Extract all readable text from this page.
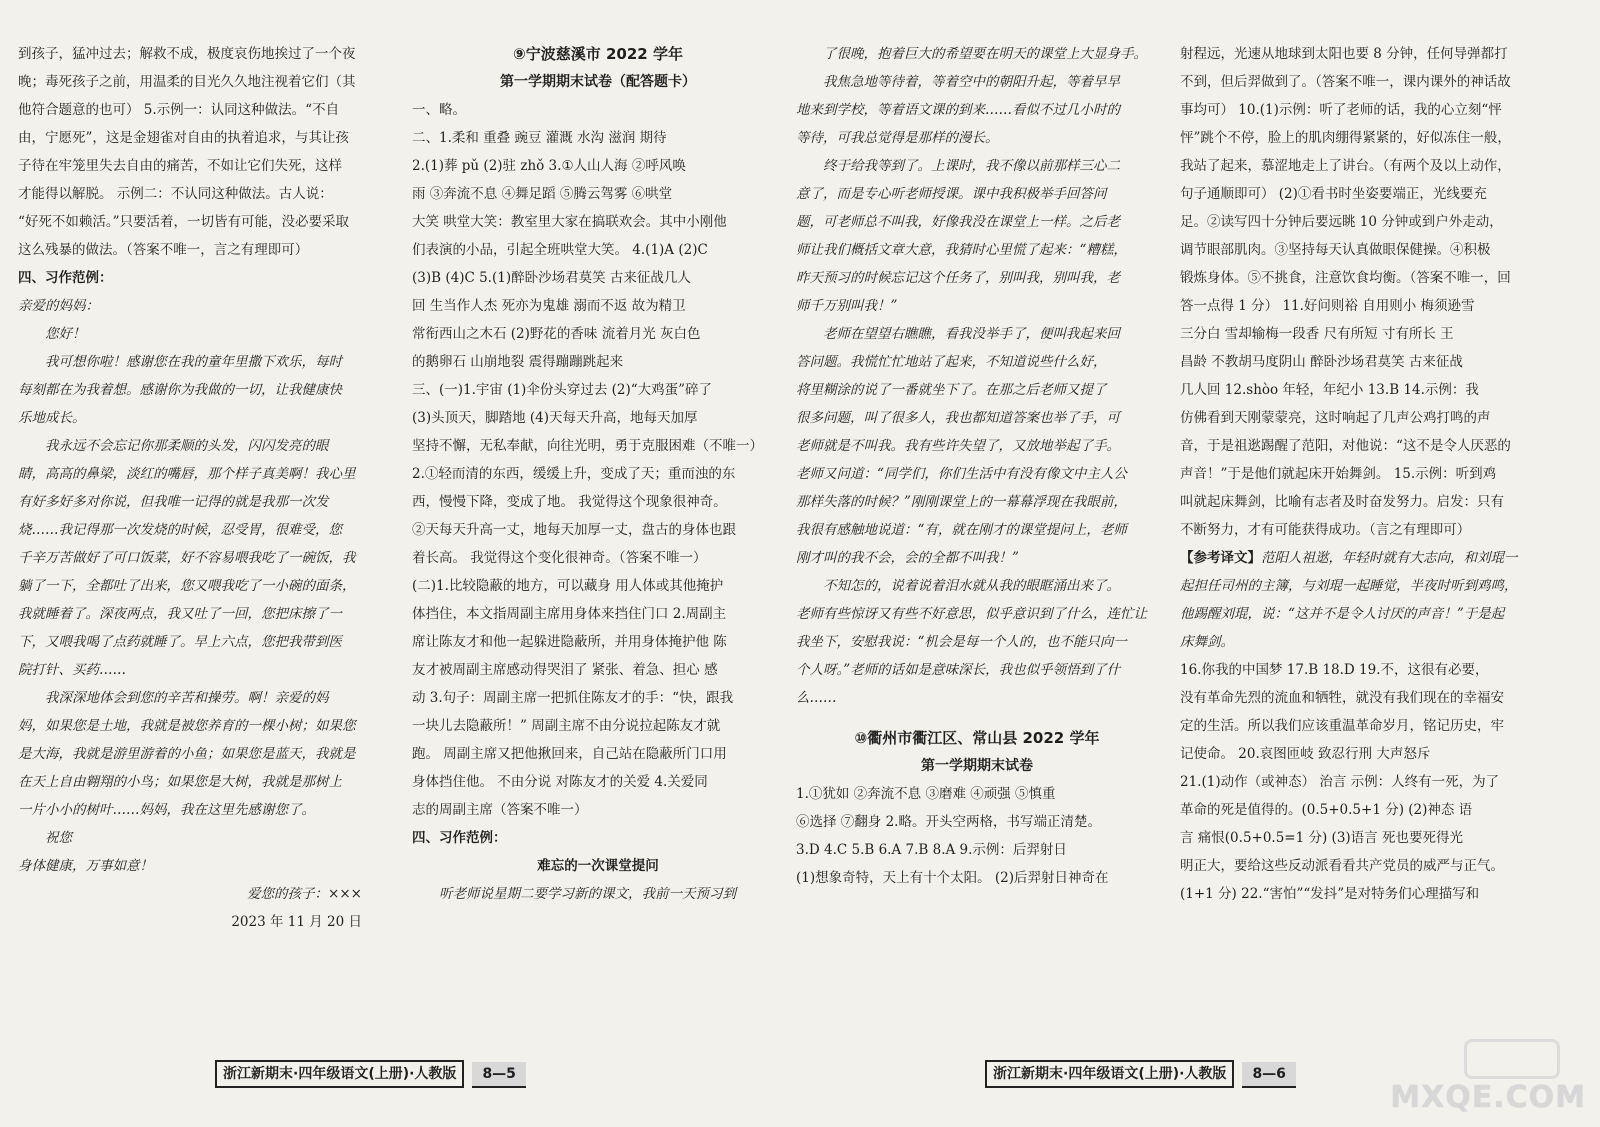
到孩子，猛冲过去；解救不成，极度哀伤地挨过了一个夜

晚；毒死孩子之前，用温柔的目光久久地注视着它们（其

他符合题意的也可） 5.示例一：认同这种做法。“不自

由，宁愿死”，这是金翅雀对自由的执着追求，与其让孩

子待在牢笼里失去自由的痛苦，不如让它们失死，这样

才能得以解脱。 示例二：不认同这种做法。古人说：

“好死不如赖活。”只要活着，一切皆有可能，没必要采取

这么残暴的做法。（答案不唯一，言之有理即可）

四、习作范例：

亲爱的妈妈：

您好！

我可想你啦！感谢您在我的童年里撒下欢乐，每时

每刻都在为我着想。感谢你为我做的一切，让我健康快

乐地成长。

我永远不会忘记你那柔顺的头发，闪闪发亮的眼

睛，高高的鼻梁，淡红的嘴唇，那个样子真美啊！我心里

有好多好多对你说，但我唯一记得的就是我那一次发

烧……我记得那一次发烧的时候，忍受胃，很难受，您

千辛万苦做好了可口饭菜，好不容易喂我吃了一碗饭，我

躺了一下，全都吐了出来，您又喂我吃了一小碗的面条，

我就睡着了。深夜两点，我又吐了一回，您把床擦了一

下，又喂我喝了点药就睡了。早上六点，您把我带到医

院打针、买药……

我深深地体会到您的辛苦和操劳。啊！亲爱的妈

妈，如果您是土地，我就是被您养育的一棵小树；如果您

是大海，我就是游里游着的小鱼；如果您是蓝天，我就是

在天上自由翱翔的小鸟；如果您是大树，我就是那树上

一片小小的树叶……妈妈，我在这里先感谢您了。

祝您

身体健康，万事如意！

爱您的孩子：×××

2023 年 11 月 20 日

⑨宁波慈溪市 2022 学年

第一学期期末试卷（配答题卡）

一、略。

二、1.柔和 重叠 豌豆 灌溉 水沟 滋润 期待

2.(1)葬 pǔ (2)驻 zhǒ 3.①人山人海 ②呼风唤

雨 ③奔流不息 ④舞足蹈 ⑤腾云驾雾 ⑥哄堂

大笑 哄堂大笑：教室里大家在搞联欢会。其中小刚他

们表演的小品，引起全班哄堂大笑。 4.(1)A (2)C

(3)B (4)C 5.(1)醉卧沙场君莫笑 古来征战几人

回 生当作人杰 死亦为鬼雄 溺而不返 故为精卫

常衔西山之木石 (2)野花的香味 流着月光 灰白色

的鹅卵石 山崩地裂 震得蹦蹦跳起来

三、(一)1.宇宙 (1)伞份头穿过去 (2)“大鸡蛋”碎了

(3)头顶天，脚踏地 (4)天每天升高，地每天加厚

坚持不懈，无私奉献，向往光明，勇于克服困难（不唯一）

2.①轻而清的东西，缓缓上升，变成了天；重而浊的东

西，慢慢下降，变成了地。 我觉得这个现象很神奇。

②天每天升高一丈，地每天加厚一丈，盘古的身体也跟

着长高。 我觉得这个变化很神奇。（答案不唯一）

(二)1.比较隐蔽的地方，可以藏身 用人体或其他掩护

体挡住，本文指周副主席用身体来挡住门口 2.周副主

席让陈友才和他一起躲进隐蔽所，并用身体掩护他 陈

友才被周副主席感动得哭泪了 紧张、着急、担心 感

动 3.句子：周副主席一把抓住陈友才的手：“快，跟我

一块儿去隐蔽所！” 周副主席不由分说拉起陈友才就

跑。 周副主席又把他揪回来，自己站在隐蔽所门口用

身体挡住他。 不由分说 对陈友才的关爱 4.关爱同

志的周副主席（答案不唯一）

四、习作范例：

难忘的一次课堂提问

听老师说星期二要学习新的课文，我前一天预习到

了很晚，抱着巨大的希望要在明天的课堂上大显身手。

我焦急地等待着，等着空中的朝阳升起，等着早早

地来到学校，等着语文课的到来……看似不过几小时的

等待，可我总觉得是那样的漫长。

终于给我等到了。上课时，我不像以前那样三心二

意了，而是专心听老师授课。课中我积极举手回答问

题，可老师总不叫我，好像我没在课堂上一样。之后老

师让我们概括文章大意，我猜时心里慌了起来：“糟糕，

昨天预习的时候忘记这个任务了，别叫我，别叫我，老

师千万别叫我！”

老师在望望右瞧瞧，看我没举手了，便叫我起来回

答问题。我慌忙忙地站了起来，不知道说些什么好，

将里糊涂的说了一番就坐下了。在那之后老师又提了

很多问题，叫了很多人，我也都知道答案也举了手，可

老师就是不叫我。我有些许失望了，又放地举起了手。

老师又问道：“同学们，你们生活中有没有像文中主人公

那样失落的时候？”刚刚课堂上的一幕幕浮现在我眼前，

我很有感触地说道：“有，就在刚才的课堂提问上，老师

刚才叫的我不会，会的全都不叫我！”

不知怎的，说着说着泪水就从我的眼眶涌出来了。

老师有些惊讶又有些不好意思，似乎意识到了什么，连忙让

我坐下，安慰我说：“机会是每一个人的，也不能只向一

个人呀。”老师的话如是意味深长，我也似乎领悟到了什

么……

⑩衢州市衢江区、常山县 2022 学年

第一学期期末试卷

1.①犹如 ②奔流不息 ③磨难 ④顽强 ⑤慎重

⑥选择 ⑦翻身 2.略。开头空两格，书写端正清楚。

3.D 4.C 5.B 6.A 7.B 8.A 9.示例：后羿射日

(1)想象奇特，天上有十个太阳。 (2)后羿射日神奇在

射程远，光速从地球到太阳也要 8 分钟，任何导弹都打

不到，但后羿做到了。（答案不唯一，课内课外的神话故

事均可） 10.(1)示例：听了老师的话，我的心立刻“怦

怦”跳个不停，脸上的肌肉绷得紧紧的，好似冻住一般，

我站了起来，慕涩地走上了讲台。（有两个及以上动作，

句子通顺即可） (2)①看书时坐姿要端正，光线要充

足。②读写四十分钟后要远眺 10 分钟或到户外走动，

调节眼部肌肉。③坚持每天认真做眼保健操。④积极

锻炼身体。⑤不挑食，注意饮食均衡。（答案不唯一，回

答一点得 1 分） 11.好问则裕 自用则小 梅须逊雪

三分白 雪却输梅一段香 尺有所短 寸有所长 王

昌龄 不教胡马度阴山 醉卧沙场君莫笑 古来征战

几人回 12.shòo 年轻，年纪小 13.B 14.示例：我

仿佛看到天刚蒙蒙亮，这时响起了几声公鸡打鸣的声

音，于是祖逖踢醒了范阳，对他说：“这不是令人厌恶的

声音！”于是他们就起床开始舞剑。 15.示例：听到鸡

叫就起床舞剑，比喻有志者及时奋发努力。启发：只有

不断努力，才有可能获得成功。（言之有理即可）

【参考译文】范阳人祖逖，年轻时就有大志向，和刘琨一

起担任司州的主簿，与刘琨一起睡觉，半夜时听到鸡鸣，

他踢醒刘琨，说：“这并不是令人讨厌的声音！”于是起

床舞剑。

16.你我的中国梦 17.B 18.D 19.不，这很有必要，

没有革命先烈的流血和牺牲，就没有我们现在的幸福安

定的生活。所以我们应该重温革命岁月，铭记历史，牢

记使命。 20.哀图匝岐 致忍行刑 大声怒斥

21.(1)动作（或神态） 治言 示例：人终有一死，为了

革命的死是值得的。(0.5+0.5+1 分) (2)神态 语

言 痛恨(0.5+0.5=1 分) (3)语言 死也要死得光

明正大，要给这些反动派看看共产党员的威严与正气。

(1+1 分) 22.“害怕”“发抖”是对特务们心理描写和

浙江新期末·四年级语文(上册)·人教版 8—5	浙江新期末·四年级语文(上册)·人教版 8—6
MXQE.COM
